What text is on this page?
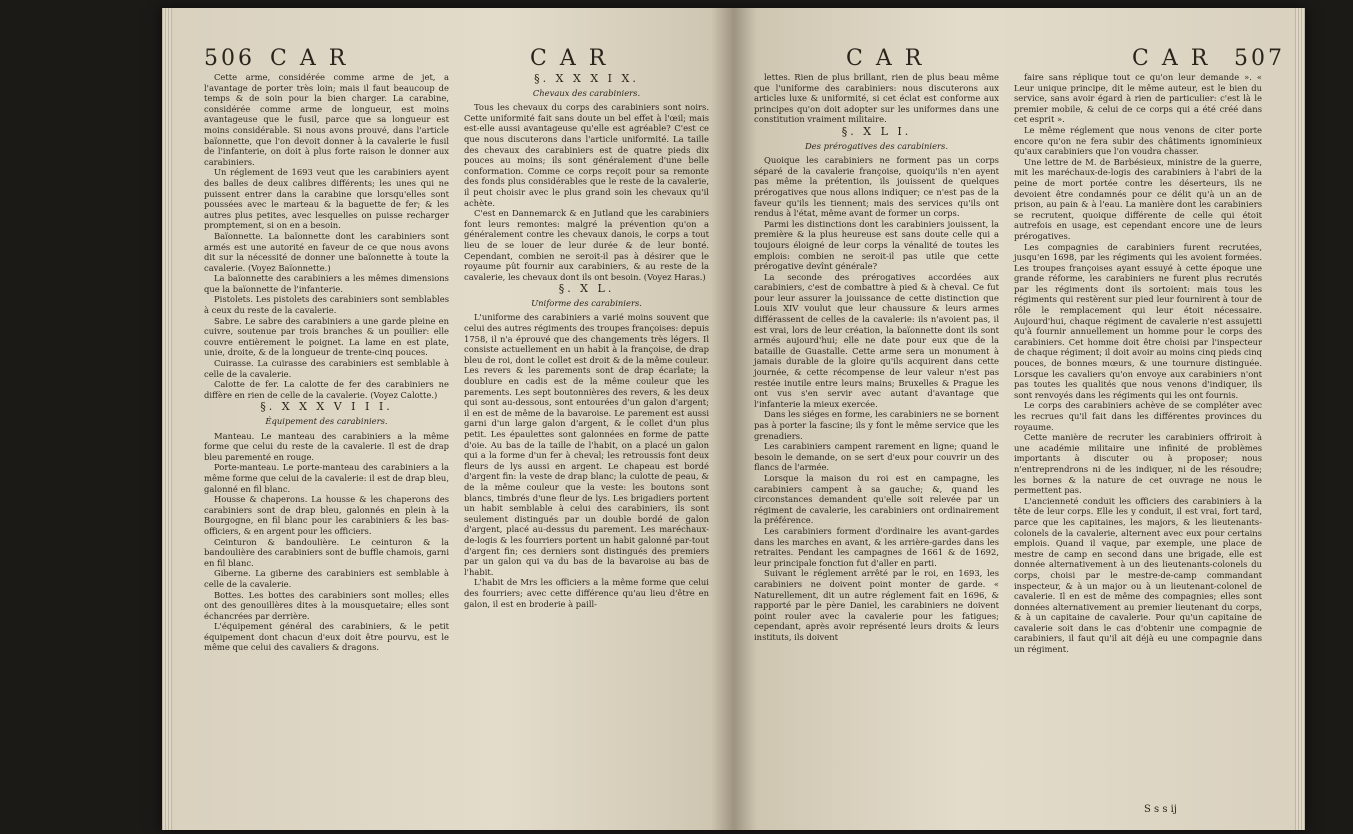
506 C A R	C A R

Cette arme, considérée comme arme de jet, a l'avantage de porter très loin; mais il faut beaucoup de temps & de soin pour la bien charger. La carabine, considérée comme arme de longueur, est moins avantageuse que le fusil, parce que sa longueur est moins considérable. Si nous avons prouvé, dans l'article baïonnette, que l'on devoit donner à la cavalerie le fusil de l'infanterie, on doit à plus forte raison le donner aux carabiniers.

Un réglement de 1693 veut que les carabiniers ayent des balles de deux calibres différents; les unes qui ne puissent entrer dans la carabine que lorsqu'elles sont poussées avec le marteau & la baguette de fer; & les autres plus petites, avec lesquelles on puisse recharger promptement, si on en a besoin.

Baïonnette. La baïonnette dont les carabiniers sont armés est une autorité en faveur de ce que nous avons dit sur la nécessité de donner une baïonnette à toute la cavalerie. (Voyez Baïonnette.)

La baïonnette des carabiniers a les mêmes dimensions que la baïonnette de l'infanterie.

Pistolets. Les pistolets des carabiniers sont semblables à ceux du reste de la cavalerie.

Sabre. Le sabre des carabiniers a une garde pleine en cuivre, soutenue par trois branches & un pouilier: elle couvre entièrement le poignet. La lame en est plate, unie, droite, & de la longueur de trente-cinq pouces.

Cuirasse. La cuirasse des carabiniers est semblable à celle de la cavalerie.

Calotte de fer. La calotte de fer des carabiniers ne diffère en rien de celle de la cavalerie. (Voyez Calotte.)

§. X X X V I I I.
Équipement des carabiniers.

Manteau. Le manteau des carabiniers a la même forme que celui du reste de la cavalerie. Il est de drap bleu parementé en rouge.

Porte-manteau. Le porte-manteau des carabiniers a la même forme que celui de la cavalerie: il est de drap bleu, galonné en fil blanc.

Housse & chaperons. La housse & les chaperons des carabiniers sont de drap bleu, galonnés en plein à la Bourgogne, en fil blanc pour les carabiniers & les bas-officiers, & en argent pour les officiers.

Ceinturon & bandoulière. Le ceinturon & la bandoulière des carabiniers sont de buffle chamois, garni en fil blanc.

Giberne. La giberne des carabiniers est semblable à celle de la cavalerie.

Bottes. Les bottes des carabiniers sont molles; elles ont des genouillères dites à la mousquetaire; elles sont échancrées par derrière.

L'équipement général des carabiniers, & le petit équipement dont chacun d'eux doit être pourvu, est le même que celui des cavaliers & dragons.

§. X X X I X.
Chevaux des carabiniers.

Tous les chevaux du corps des carabiniers sont noirs. Cette uniformité fait sans doute un bel effet à l'œil; mais est-elle aussi avantageuse qu'elle est agréable? C'est ce que nous discuterons dans l'article uniformité. La taille des chevaux des carabiniers est de quatre pieds dix pouces au moins; ils sont généralement d'une belle conformation. Comme ce corps reçoit pour sa remonte des fonds plus considérables que le reste de la cavalerie, il peut choisir avec le plus grand soin les chevaux qu'il achète.

C'est en Dannemarck & en Jutland que les carabiniers font leurs remontes: malgré la prévention qu'on a généralement contre les chevaux danois, le corps a tout lieu de se louer de leur durée & de leur bonté. Cependant, combien ne seroit-il pas à désirer que le royaume pût fournir aux carabiniers, & au reste de la cavalerie, les chevaux dont ils ont besoin. (Voyez Haras.)

§. X L.
Uniforme des carabiniers.

L'uniforme des carabiniers a varié moins souvent que celui des autres régiments des troupes françoises: depuis 1758, il n'a éprouvé que des changements très légers. Il consiste actuellement en un habit à la françoise, de drap bleu de roi, dont le collet est droit & de la même couleur. Les revers & les parements sont de drap écarlate; la doublure en cadis est de la même couleur que les parements. Les sept boutonnières des revers, & les deux qui sont au-dessous, sont entourées d'un galon d'argent; il en est de même de la bavaroise. Le parement est aussi garni d'un large galon d'argent, & le collet d'un plus petit. Les épaulettes sont galonnées en forme de patte d'oie. Au bas de la taille de l'habit, on a placé un galon qui a la forme d'un fer à cheval; les retroussis font deux fleurs de lys aussi en argent. Le chapeau est bordé d'argent fin: la veste de drap blanc; la culotte de peau, & de la même couleur que la veste: les boutons sont blancs, timbrés d'une fleur de lys. Les brigadiers portent un habit semblable à celui des carabiniers, ils sont seulement distingués par un double bordé de galon d'argent, placé au-dessus du parement. Les maréchaux-de-logis & les fourriers portent un habit galonné par-tout d'argent fin; ces derniers sont distingués des premiers par un galon qui va du bas de la bavaroise au bas de l'habit.

L'habit de Mrs les officiers a la même forme que celui des fourriers; avec cette différence qu'au lieu d'être en galon, il est en broderie à paill-

C A R	C A R 507

lettes. Rien de plus brillant, rien de plus beau même que l'uniforme des carabiniers: nous discuterons aux articles luxe & uniformité, si cet éclat est conforme aux principes qu'on doit adopter sur les uniformes dans une constitution vraiment militaire.

§. X L I.
Des prérogatives des carabiniers.

Quoique les carabiniers ne forment pas un corps séparé de la cavalerie françoise, quoiqu'ils n'en ayent pas même la prétention, ils jouissent de quelques prérogatives que nous allons indiquer; ce n'est pas de la faveur qu'ils les tiennent; mais des services qu'ils ont rendus à l'état, même avant de former un corps.

Parmi les distinctions dont les carabiniers jouissent, la première & la plus heureuse est sans doute celle qui a toujours éloigné de leur corps la vénalité de toutes les emplois: combien ne seroit-il pas utile que cette prérogative devînt générale?

La seconde des prérogatives accordées aux carabiniers, c'est de combattre à pied & à cheval. Ce fut pour leur assurer la jouissance de cette distinction que Louis XIV voulut que leur chaussure & leurs armes différassent de celles de la cavalerie: ils n'avoient pas, il est vrai, lors de leur création, la baïonnette dont ils sont armés aujourd'hui; elle ne date pour eux que de la bataille de Guastalle. Cette arme sera un monument à jamais durable de la gloire qu'ils acquirent dans cette journée, & cette récompense de leur valeur n'est pas restée inutile entre leurs mains; Bruxelles & Prague les ont vus s'en servir avec autant d'avantage que l'infanterie la mieux exercée.

Dans les siéges en forme, les carabiniers ne se bornent pas à porter la fascine; ils y font le même service que les grenadiers.

Les carabiniers campent rarement en ligne; quand le besoin le demande, on se sert d'eux pour couvrir un des flancs de l'armée.

Lorsque la maison du roi est en campagne, les carabiniers campent à sa gauche; &, quand les circonstances demandent qu'elle soit relevée par un régiment de cavalerie, les carabiniers ont ordinairement la préférence.

Les carabiniers forment d'ordinaire les avant-gardes dans les marches en avant, & les arrière-gardes dans les retraites. Pendant les campagnes de 1661 & de 1692, leur principale fonction fut d'aller en parti.

Suivant le réglement arrêté par le roi, en 1693, les carabiniers ne doivent point monter de garde. « Naturellement, dit un autre réglement fait en 1696, & rapporté par le père Daniel, les carabiniers ne doivent point rouler avec la cavalerie pour les fatigues; cependant, après avoir représenté leurs droits & leurs instituts, ils doivent

faire sans réplique tout ce qu'on leur demande ». « Leur unique principe, dit le même auteur, est le bien du service, sans avoir égard à rien de particulier: c'est là le premier mobile, & celui de ce corps qui a été créé dans cet esprit ».

Le même réglement que nous venons de citer porte encore qu'on ne fera subir des châtiments ignominieux qu'aux carabiniers que l'on voudra chasser.

Une lettre de M. de Barbésieux, ministre de la guerre, mit les maréchaux-de-logis des carabiniers à l'abri de la peine de mort portée contre les déserteurs, ils ne devoient être condamnés pour ce délit qu'à un an de prison, au pain & à l'eau. La manière dont les carabiniers se recrutent, quoique différente de celle qui étoit autrefois en usage, est cependant encore une de leurs prérogatives.

Les compagnies de carabiniers furent recrutées, jusqu'en 1698, par les régiments qui les avoient formées. Les troupes françoises ayant essuyé à cette époque une grande réforme, les carabiniers ne furent plus recrutés par les régiments dont ils sortoient: mais tous les régiments qui restèrent sur pied leur fournirent à tour de rôle le remplacement qui leur étoit nécessaire. Aujourd'hui, chaque régiment de cavalerie n'est assujetti qu'à fournir annuellement un homme pour le corps des carabiniers. Cet homme doit être choisi par l'inspecteur de chaque régiment; il doit avoir au moins cinq pieds cinq pouces, de bonnes mœurs, & une tournure distinguée. Lorsque les cavaliers qu'on envoye aux carabiniers n'ont pas toutes les qualités que nous venons d'indiquer, ils sont renvoyés dans les régiments qui les ont fournis.

Le corps des carabiniers achève de se compléter avec les recrues qu'il fait dans les différentes provinces du royaume.

Cette manière de recruter les carabiniers offriroit à une académie militaire une infinité de problèmes importants à discuter ou à proposer; nous n'entreprendrons ni de les indiquer, ni de les résoudre; les bornes & la nature de cet ouvrage ne nous le permettent pas.

L'ancienneté conduit les officiers des carabiniers à la tête de leur corps. Elle les y conduit, il est vrai, fort tard, parce que les capitaines, les majors, & les lieutenants-colonels de la cavalerie, alternent avec eux pour certains emplois. Quand il vaque, par exemple, une place de mestre de camp en second dans une brigade, elle est donnée alternativement à un des lieutenants-colonels du corps, choisi par le mestre-de-camp commandant inspecteur, & à un major ou à un lieutenant-colonel de cavalerie. Il en est de même des compagnies; elles sont données alternativement au premier lieutenant du corps, & à un capitaine de cavalerie. Pour qu'un capitaine de cavalerie soit dans le cas d'obtenir une compagnie de carabiniers, il faut qu'il ait déjà eu une compagnie dans un régiment.

S s s ij
